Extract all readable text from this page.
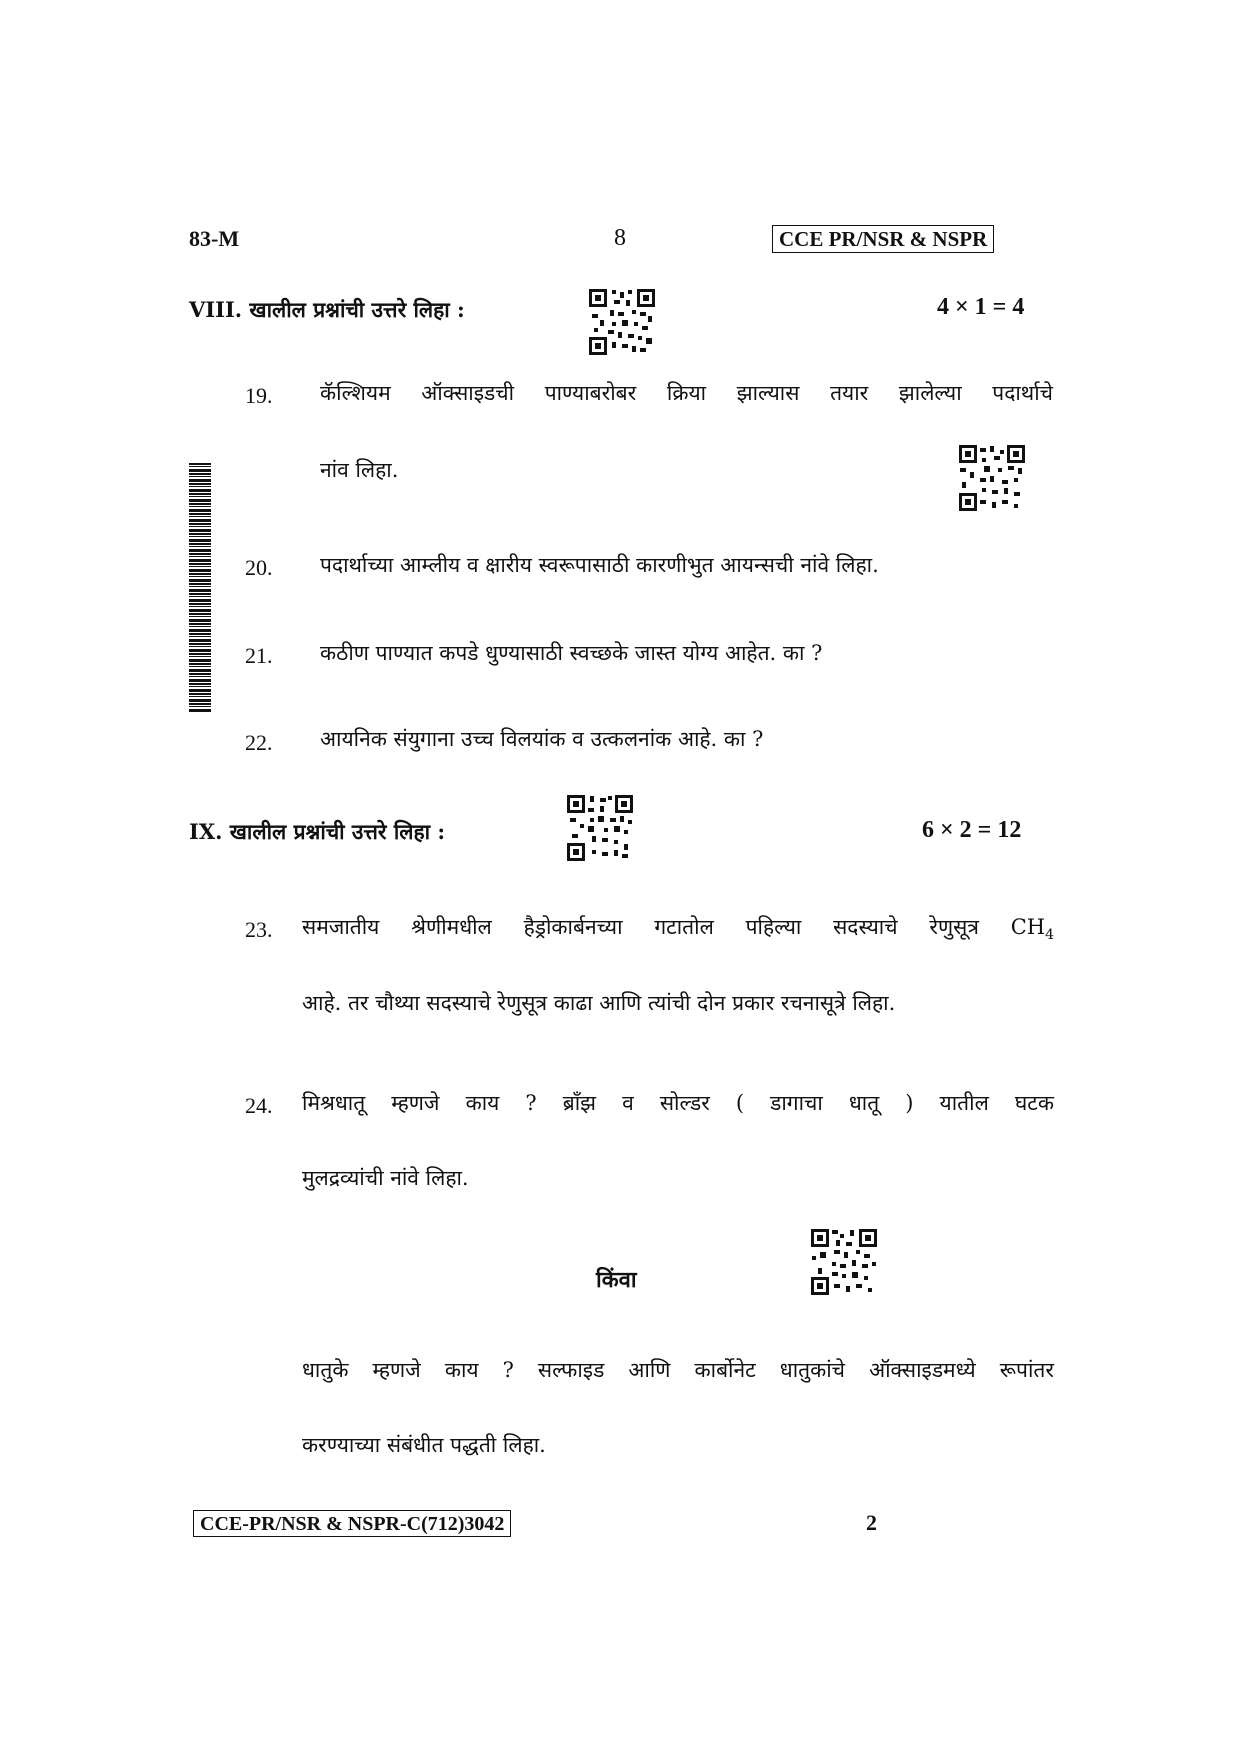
83-M	8	CCE PR/NSR & NSPR
VIII. खालील प्रश्नांची उत्तरे लिहा :	4 × 1 = 4
19. कॅल्शियम ऑक्साइडची पाण्याबरोबर क्रिया झाल्यास तयार झालेल्या पदार्थाचे
नांव लिहा.
20. पदार्थाच्या आम्लीय व क्षारीय स्वरूपासाठी कारणीभुत आयन्सची नांवे लिहा.
21. कठीण पाण्यात कपडे धुण्यासाठी स्वच्छके जास्त योग्य आहेत. का ?
22. आयनिक संयुगाना उच्च विलयांक व उत्कलनांक आहे. का ?
IX. खालील प्रश्नांची उत्तरे लिहा :	6 × 2 = 12
23. समजातीय श्रेणीमधील हैड्रोकार्बनच्या गटातोल पहिल्या सदस्याचे रेणुसूत्र CH 4
आहे. तर चौथ्या सदस्याचे रेणुसूत्र काढा आणि त्यांची दोन प्रकार रचनासूत्रे लिहा.
24. मिश्रधातू म्हणजे काय ? ब्राँझ व सोल्डर ( डागाचा धातू ) यातील घटक
मुलद्रव्यांची नांवे लिहा.
किंवा
धातुके म्हणजे काय ? सल्फाइड आणि कार्बोनेट धातुकांचे ऑक्साइडमध्ये रूपांतर
करण्याच्या संबंधीत पद्धती लिहा.
CCE-PR/NSR & NSPR-C(712)3042	2
